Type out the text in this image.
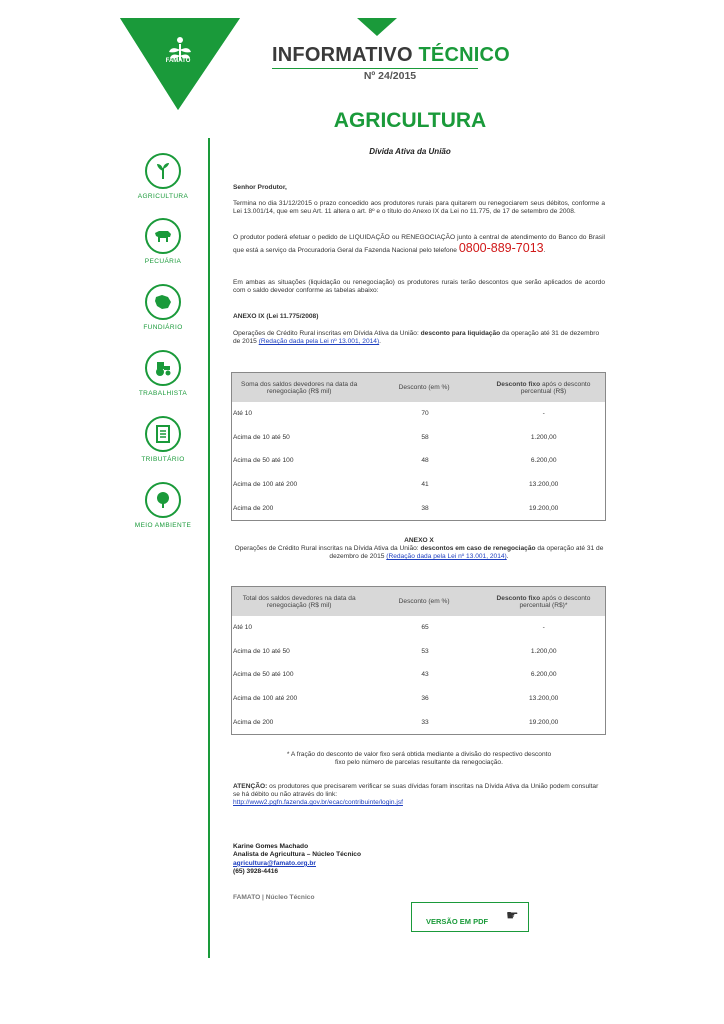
FAMATO	INFORMATIVO TÉCNICO
Nº 24/2015
AGRICULTURA
Dívida Ativa da União
AGRICULTURA
PECUÁRIA
FUNDIÁRIO
TRABALHISTA
TRIBUTÁRIO
MEIO AMBIENTE
Senhor Produtor,
Termina no dia 31/12/2015 o prazo concedido aos produtores rurais para quitarem ou renegociarem seus débitos, conforme a Lei 13.001/14, que em seu Art. 11 altera o art. 8º e o título do Anexo IX da Lei no 11.775, de 17 de setembro de 2008.
O produtor poderá efetuar o pedido de LIQUIDAÇÃO ou RENEGOCIAÇÃO junto à central de atendimento do Banco do Brasil que está a serviço da Procuradoria Geral da Fazenda Nacional pelo telefone 0800-889-7013.
Em ambas as situações (liquidação ou renegociação) os produtores rurais terão descontos que serão aplicados de acordo com o saldo devedor conforme as tabelas abaixo:
ANEXO IX (Lei 11.775/2008)
Operações de Crédito Rural inscritas em Dívida Ativa da União: desconto para liquidação da operação até 31 de dezembro de 2015 (Redação dada pela Lei nº 13.001, 2014).
Soma dos saldos devedores na data da renegociação (R$ mil)	Desconto (em %)	Desconto fixo após o desconto percentual (R$)
Até 10	70	-
Acima de 10 até 50	58	1.200,00
Acima de 50 até 100	48	6.200,00
Acima de 100 até 200	41	13.200,00
Acima de 200	38	19.200,00
ANEXO X
Operações de Crédito Rural inscritas na Dívida Ativa da União: descontos em caso de renegociação da operação até 31 de dezembro de 2015 (Redação dada pela Lei nº 13.001, 2014).
Total dos saldos devedores na data da renegociação (R$ mil)	Desconto (em %)	Desconto fixo após o desconto percentual (R$)*
Até 10	65	-
Acima de 10 até 50	53	1.200,00
Acima de 50 até 100	43	6.200,00
Acima de 100 até 200	36	13.200,00
Acima de 200	33	19.200,00
* A fração do desconto de valor fixo será obtida mediante a divisão do respectivo desconto
fixo pelo número de parcelas resultante da renegociação.
ATENÇÃO: os produtores que precisarem verificar se suas dívidas foram inscritas na Dívida Ativa da União podem consultar se há débito ou não através do link:
http://www2.pgfn.fazenda.gov.br/ecac/contribuinte/login.jsf
Karine Gomes Machado
Analista de Agricultura – Núcleo Técnico
agricultura@famato.org.br
(65) 3928-4416
FAMATO | Núcleo Técnico
VERSÃO EM PDF ☛
